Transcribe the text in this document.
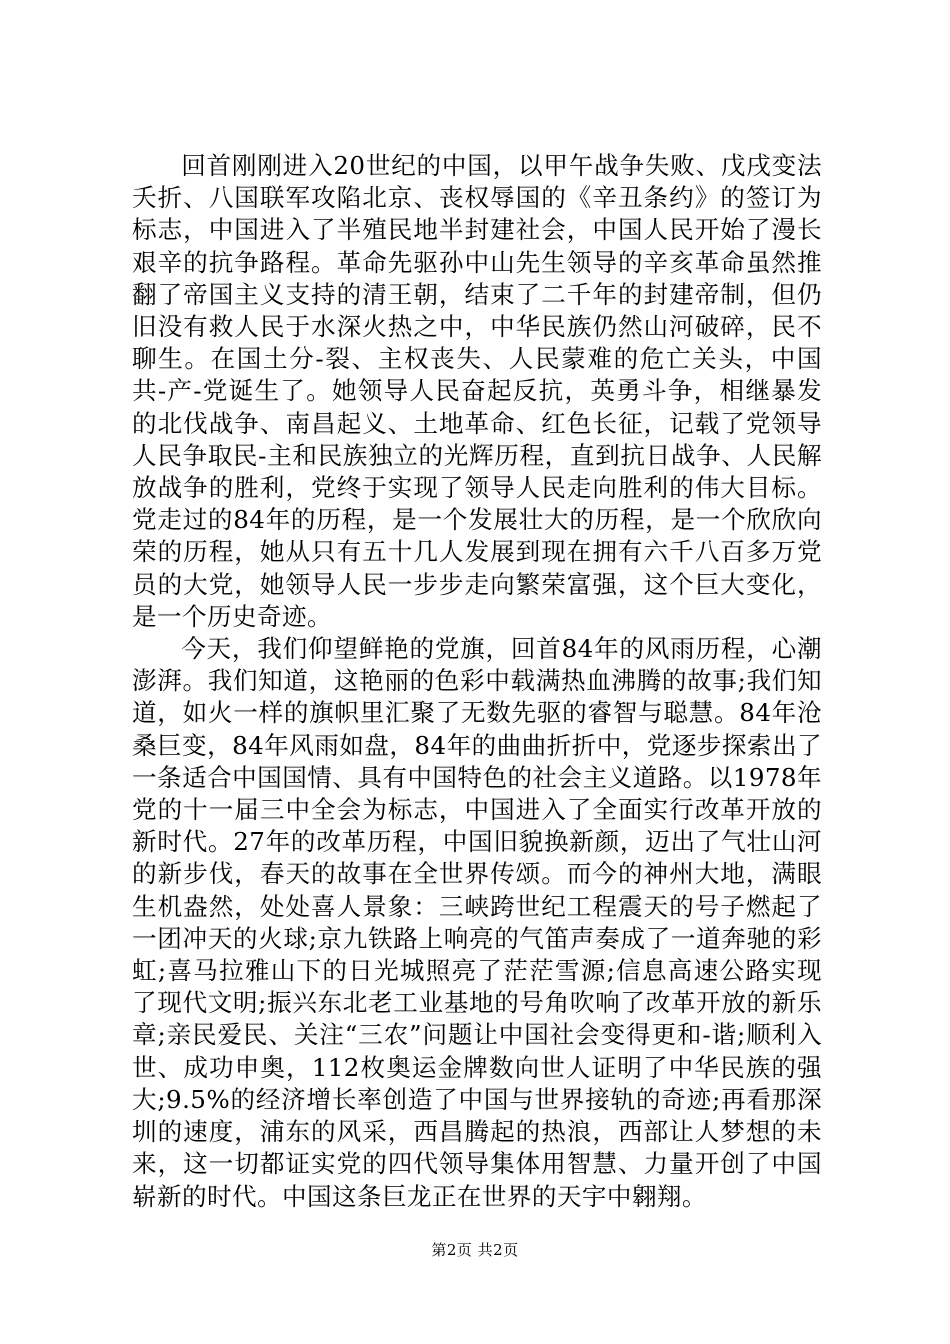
回首刚刚进入20世纪的中国，以甲午战争失败、戊戌变法夭折、八国联军攻陷北京、丧权辱国的《辛丑条约》的签订为标志，中国进入了半殖民地半封建社会，中国人民开始了漫长艰辛的抗争路程。革命先驱孙中山先生领导的辛亥革命虽然推翻了帝国主义支持的清王朝，结束了二千年的封建帝制，但仍旧没有救人民于水深火热之中，中华民族仍然山河破碎，民不聊生。在国土分-裂、主权丧失、人民蒙难的危亡关头，中国共-产-党诞生了。她领导人民奋起反抗，英勇斗争，相继暴发的北伐战争、南昌起义、土地革命、红色长征，记载了党领导人民争取民-主和民族独立的光辉历程，直到抗日战争、人民解放战争的胜利，党终于实现了领导人民走向胜利的伟大目标。党走过的84年的历程，是一个发展壮大的历程，是一个欣欣向荣的历程，她从只有五十几人发展到现在拥有六千八百多万党员的大党，她领导人民一步步走向繁荣富强，这个巨大变化，是一个历史奇迹。

今天，我们仰望鲜艳的党旗，回首84年的风雨历程，心潮澎湃。我们知道，这艳丽的色彩中载满热血沸腾的故事;我们知道，如火一样的旗帜里汇聚了无数先驱的睿智与聪慧。84年沧桑巨变，84年风雨如盘，84年的曲曲折折中，党逐步探索出了一条适合中国国情、具有中国特色的社会主义道路。以1978年党的十一届三中全会为标志，中国进入了全面实行改革开放的新时代。27年的改革历程，中国旧貌换新颜，迈出了气壮山河的新步伐，春天的故事在全世界传颂。而今的神州大地，满眼生机盎然，处处喜人景象：三峡跨世纪工程震天的号子燃起了一团冲天的火球;京九铁路上响亮的气笛声奏成了一道奔驰的彩虹;喜马拉雅山下的日光城照亮了茫茫雪源;信息高速公路实现了现代文明;振兴东北老工业基地的号角吹响了改革开放的新乐章;亲民爱民、关注“三农”问题让中国社会变得更和-谐;顺利入世、成功申奥，112枚奥运金牌数向世人证明了中华民族的强大;9.5%的经济增长率创造了中国与世界接轨的奇迹;再看那深圳的速度，浦东的风采，西昌腾起的热浪，西部让人梦想的未来，这一切都证实党的四代领导集体用智慧、力量开创了中国崭新的时代。中国这条巨龙正在世界的天宇中翱翔。

第2页 共2页
